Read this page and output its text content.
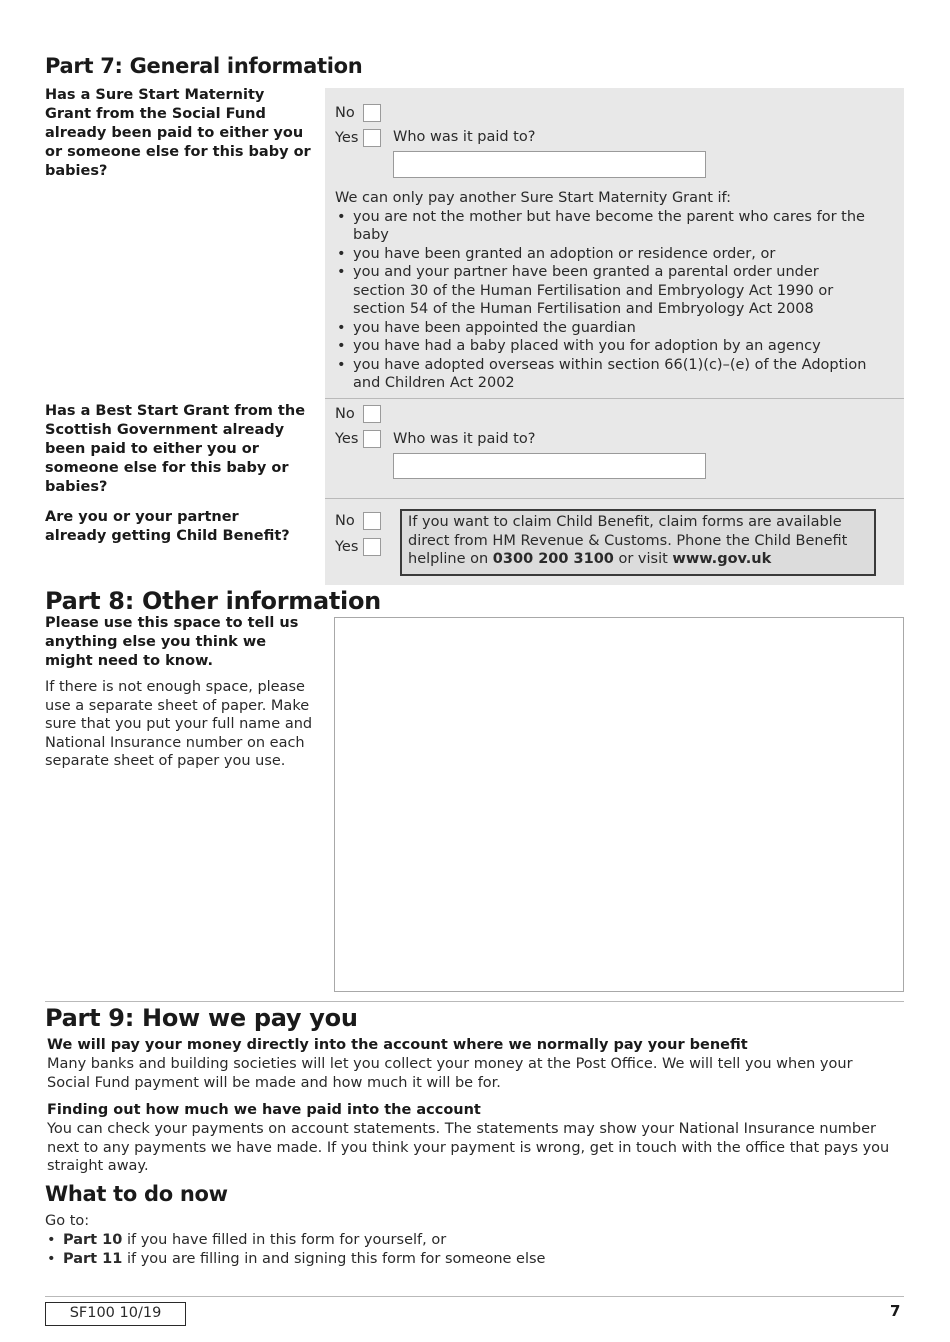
Part 7: General information
Has a Sure Start Maternity Grant from the Social Fund already been paid to either you or someone else for this baby or babies?
No
Yes	Who was it paid to?
We can only pay another Sure Start Maternity Grant if:
• you are not the mother but have become the parent who cares for the baby
• you have been granted an adoption or residence order, or
• you and your partner have been granted a parental order under section 30 of the Human Fertilisation and Embryology Act 1990 or section 54 of the Human Fertilisation and Embryology Act 2008
• you have been appointed the guardian
• you have had a baby placed with you for adoption by an agency
• you have adopted overseas within section 66(1)(c)–(e) of the Adoption and Children Act 2002
Has a Best Start Grant from the Scottish Government already been paid to either you or someone else for this baby or babies?
No
Yes	Who was it paid to?
Are you or your partner already getting Child Benefit?
No
Yes
If you want to claim Child Benefit, claim forms are available direct from HM Revenue & Customs. Phone the Child Benefit helpline on 0300 200 3100 or visit www.gov.uk
Part 8: Other information
Please use this space to tell us anything else you think we might need to know.
If there is not enough space, please use a separate sheet of paper. Make sure that you put your full name and National Insurance number on each separate sheet of paper you use.
Part 9: How we pay you
We will pay your money directly into the account where we normally pay your benefit
Many banks and building societies will let you collect your money at the Post Office. We will tell you when your Social Fund payment will be made and how much it will be for.
Finding out how much we have paid into the account
You can check your payments on account statements. The statements may show your National Insurance number next to any payments we have made. If you think your payment is wrong, get in touch with the office that pays you straight away.
What to do now
Go to:
• Part 10 if you have filled in this form for yourself, or
• Part 11 if you are filling in and signing this form for someone else
SF100 10/19	7
